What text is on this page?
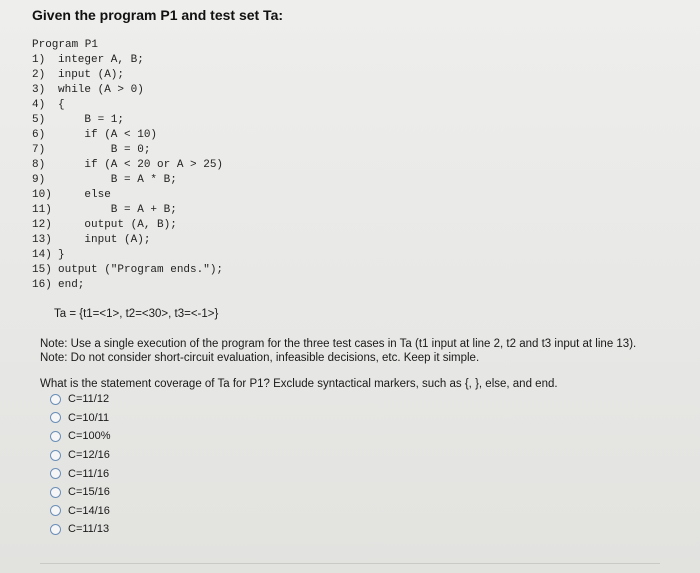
Given the program P1 and test set Ta:
Program P1
1)	integer A, B;
2)	input (A);
3)	while (A > 0)
4)	{
5)	B = 1;
6)	if (A < 10)
7)	B = 0;
8)	if (A < 20 or A > 25)
9)	B = A * B;
10) else
11) B = A + B;
12) output (A, B);
13) input (A);
14) }
15) output ("Program ends.");
16) end;
Ta = {t1=<1>, t2=<30>, t3=<-1>}
Note: Use a single execution of the program for the three test cases in Ta (t1 input at line 2, t2 and t3 input at line 13).
Note: Do not consider short-circuit evaluation, infeasible decisions, etc. Keep it simple.
What is the statement coverage of Ta for P1? Exclude syntactical markers, such as {, }, else, and end.
C=11/12
C=10/11
C=100%
C=12/16
C=11/16
C=15/16
C=14/16
C=11/13
